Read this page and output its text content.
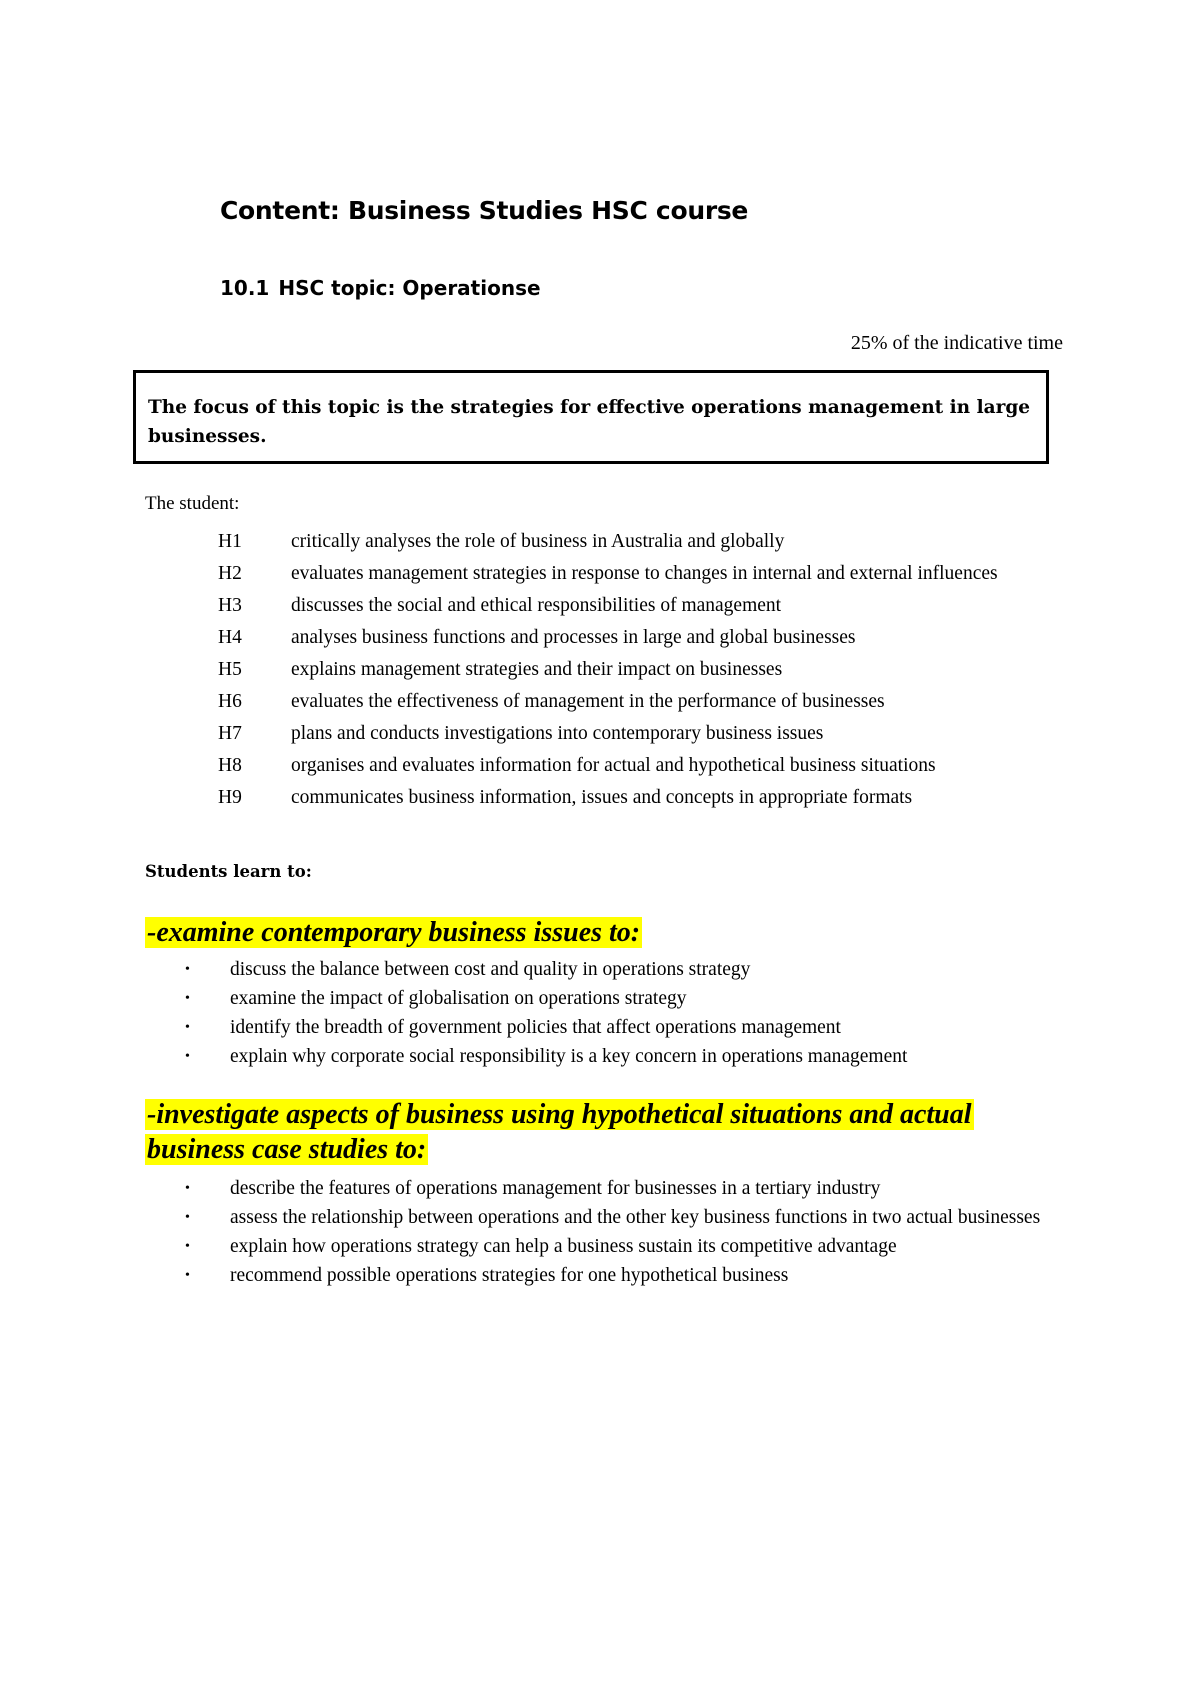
Content: Business Studies HSC course
10.1 HSC topic: Operationse
25% of the indicative time
The focus of this topic is the strategies for effective operations management in large businesses.
The student:
H1	critically analyses the role of business in Australia and globally
H2	evaluates management strategies in response to changes in internal and external influences
H3	discusses the social and ethical responsibilities of management
H4	analyses business functions and processes in large and global businesses
H5	explains management strategies and their impact on businesses
H6	evaluates the effectiveness of management in the performance of businesses
H7	plans and conducts investigations into contemporary business issues
H8	organises and evaluates information for actual and hypothetical business situations
H9	communicates business information, issues and concepts in appropriate formats
Students learn to:
-examine contemporary business issues to:
•	discuss the balance between cost and quality in operations strategy
•	examine the impact of globalisation on operations strategy
•	identify the breadth of government policies that affect operations management
•	explain why corporate social responsibility is a key concern in operations management
-investigate aspects of business using hypothetical situations and actual business case studies to:
•	describe the features of operations management for businesses in a tertiary industry
•	assess the relationship between operations and the other key business functions in two actual businesses
•	explain how operations strategy can help a business sustain its competitive advantage
•	recommend possible operations strategies for one hypothetical business
